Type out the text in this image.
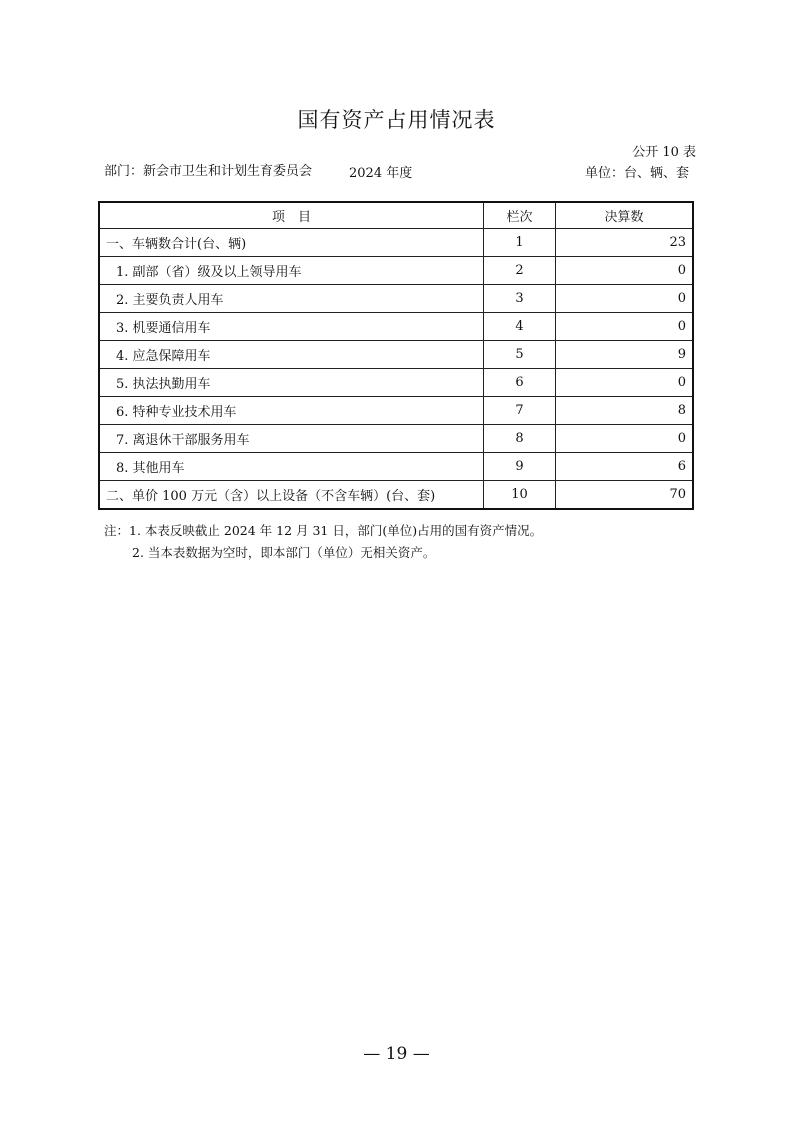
国有资产占用情况表
公开 10 表
部门：新会市卫生和计划生育委员会	2024 年度	单位：台、辆、套
项　目	栏次	决算数
一、车辆数合计(台、辆)	1	23
1. 副部（省）级及以上领导用车	2	0
2. 主要负责人用车	3	0
3. 机要通信用车	4	0
4. 应急保障用车	5	9
5. 执法执勤用车	6	0
6. 特种专业技术用车	7	8
7. 离退休干部服务用车	8	0
8. 其他用车	9	6
二、单价 100 万元（含）以上设备（不含车辆）(台、套)	10	70
注：1. 本表反映截止 2024 年 12 月 31 日，部门(单位)占用的国有资产情况。
2. 当本表数据为空时，即本部门（单位）无相关资产。
— 19 —
